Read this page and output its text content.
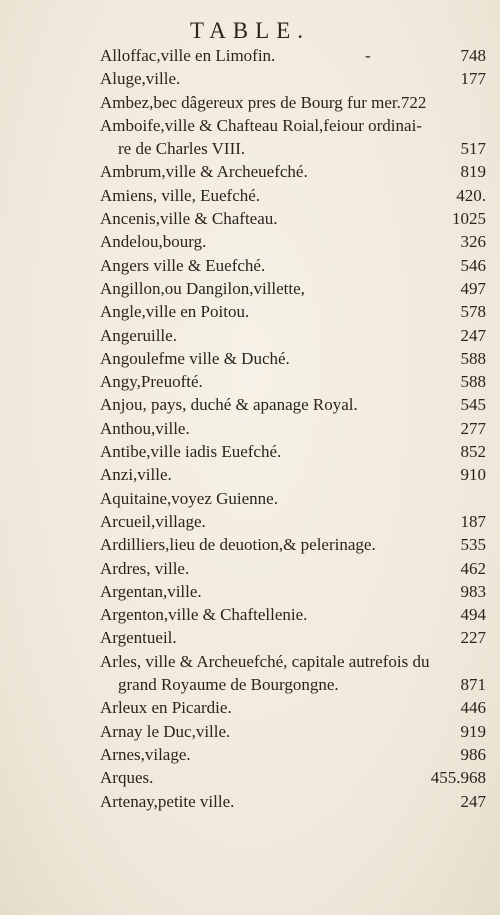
TABLE.
Alloffac,ville en Limofin.	-	748
Aluge,ville.	177
Ambez,bec dâgereux pres de Bourg fur mer.722
Amboife,ville & Chafteau Roial,feiour ordinai-
re de Charles VIII.	517
Ambrum,ville & Archeuefché.	819
Amiens, ville, Euefché.	420.
Ancenis,ville & Chafteau.	1025
Andelou,bourg.	326
Angers ville & Euefché.	546
Angillon,ou Dangilon,villette,	497
Angle,ville en Poitou.	578
Angeruille.	247
Angoulefme ville & Duché.	588
Angy,Preuofté.	588
Anjou, pays, duché & apanage Royal.	545
Anthou,ville.	277
Antibe,ville iadis Euefché.	852
Anzi,ville.	910
Aquitaine,voyez Guienne.
Arcueil,village.	187
Ardilliers,lieu de deuotion,& pelerinage.	535
Ardres, ville.	462
Argentan,ville.	983
Argenton,ville & Chaftellenie.	494
Argentueil.	227
Arles, ville & Archeuefché, capitale autrefois du
grand Royaume de Bourgongne.	871
Arleux en Picardie.	446
Arnay le Duc,ville.	919
Arnes,vilage.	986
Arques.	455.968
Artenay,petite ville.	247
